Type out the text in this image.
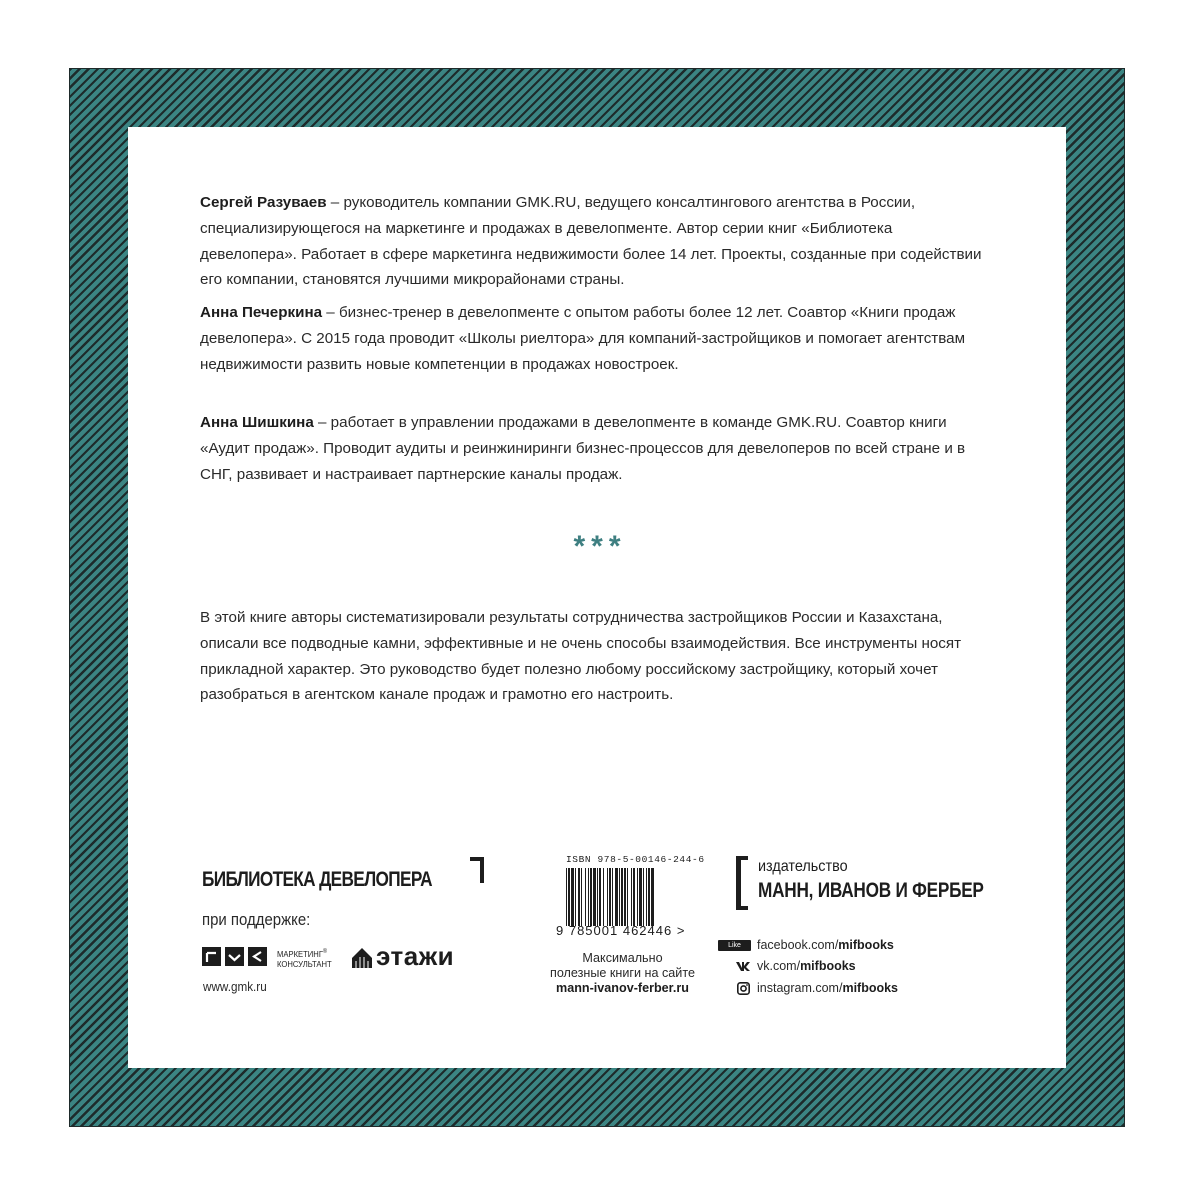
Сергей Разуваев – руководитель компании GMK.RU, ведущего консалтингового агентства в России, специализирующегося на маркетинге и продажах в девелопменте. Автор серии книг «Библиотека девелопера». Работает в сфере маркетинга недвижимости более 14 лет. Проекты, созданные при содействии его компании, становятся лучшими микрорайонами страны.

Анна Печеркина – бизнес-тренер в девелопменте с опытом работы более 12 лет. Соавтор «Книги продаж девелопера». С 2015 года проводит «Школы риелтора» для компаний-застройщиков и помогает агентствам недвижимости развить новые компетенции в продажах новостроек.

Анна Шишкина – работает в управлении продажами в девелопменте в команде GMK.RU. Соавтор книги «Аудит продаж». Проводит аудиты и реинжиниринги бизнес-процессов для девелоперов по всей стране и в СНГ, развивает и настраивает партнерские каналы продаж.

***

В этой книге авторы систематизировали результаты сотрудничества застройщиков России и Казахстана, описали все подводные камни, эффективные и не очень способы взаимодействия. Все инструменты носят прикладной характер. Это руководство будет полезно любому российскому застройщику, который хочет разобраться в агентском канале продаж и грамотно его настроить.

БИБЛИОТЕКА ДЕВЕЛОПЕРА
при поддержке:
МАРКЕТИНГ®
КОНСУЛЬТАНТ этажи
www.gmk.ru
ISBN 978-5-00146-244-6
9 785001 462446 >
Максимально
полезные книги на сайте
mann-ivanov-ferber.ru
издательство
МАНН, ИВАНОВ И ФЕРБЕР
Like	facebook.com/ mifbooks
vk.com/ mifbooks
instagram.com/ mifbooks
